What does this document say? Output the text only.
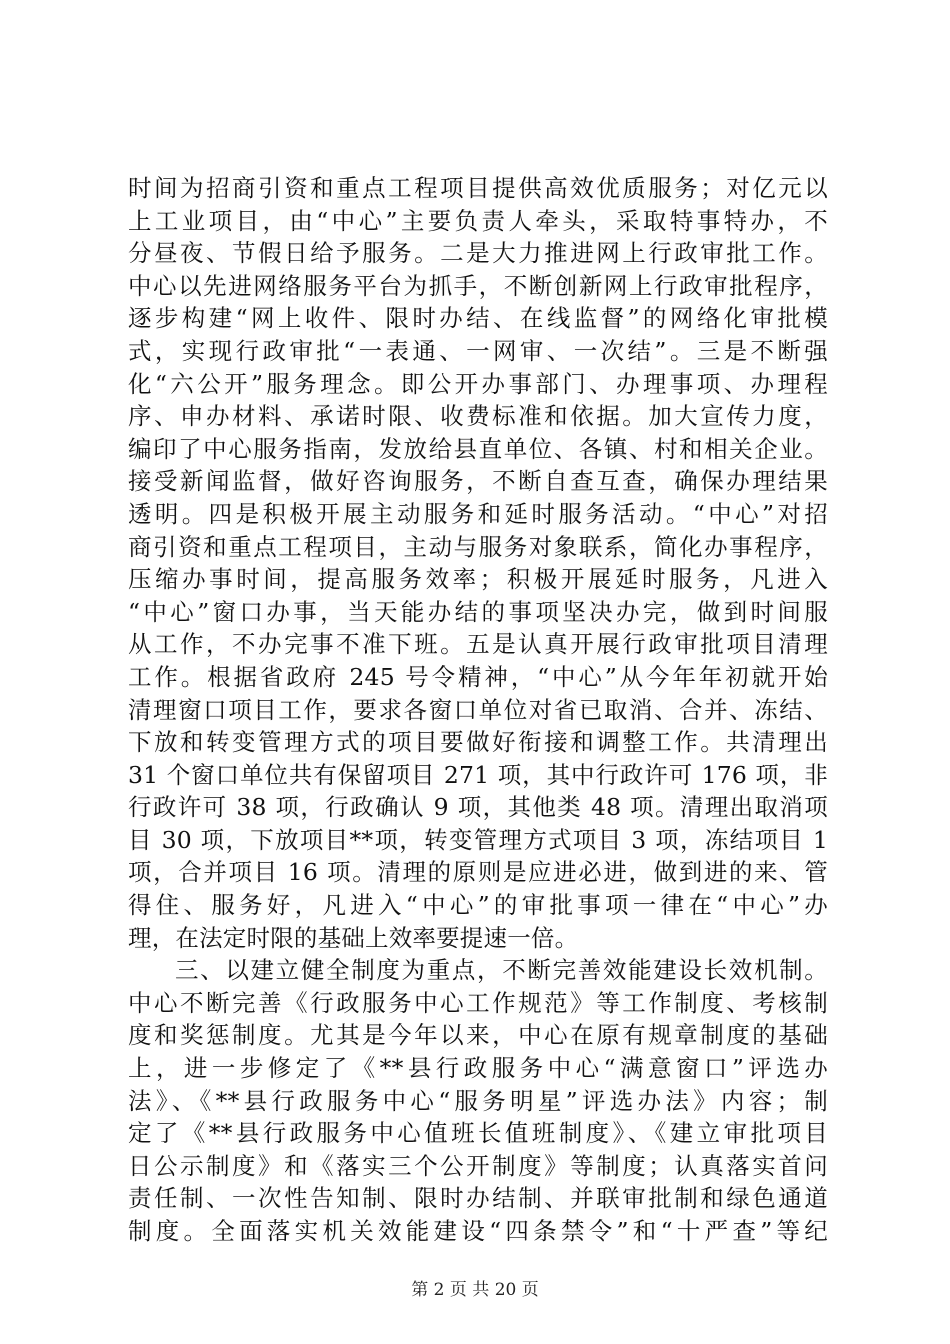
时间为招商引资和重点工程项目提供高效优质服务；对亿元以
上工业项目，由“中心”主要负责人牵头，采取特事特办，不
分昼夜、节假日给予服务。二是大力推进网上行政审批工作。
中心以先进网络服务平台为抓手，不断创新网上行政审批程序，
逐步构建“网上收件、限时办结、在线监督”的网络化审批模
式，实现行政审批“一表通、一网审、一次结”。三是不断强
化“六公开”服务理念。即公开办事部门、办理事项、办理程
序、申办材料、承诺时限、收费标准和依据。加大宣传力度，
编印了中心服务指南，发放给县直单位、各镇、村和相关企业。
接受新闻监督，做好咨询服务，不断自查互查，确保办理结果
透明。四是积极开展主动服务和延时服务活动。“中心”对招
商引资和重点工程项目，主动与服务对象联系，简化办事程序，
压缩办事时间，提高服务效率；积极开展延时服务，凡进入
“中心”窗口办事，当天能办结的事项坚决办完，做到时间服
从工作，不办完事不准下班。五是认真开展行政审批项目清理
工作。根据省政府 245 号令精神，“中心”从今年年初就开始
清理窗口项目工作，要求各窗口单位对省已取消、合并、冻结、
下放和转变管理方式的项目要做好衔接和调整工作。共清理出
31 个窗口单位共有保留项目 271 项，其中行政许可 176 项，非
行政许可 38 项，行政确认 9 项，其他类 48 项。清理出取消项
目 30 项，下放项目**项，转变管理方式项目 3 项，冻结项目 1
项，合并项目 16 项。清理的原则是应进必进，做到进的来、管
得住、服务好，凡进入“中心”的审批事项一律在“中心”办
理，在法定时限的基础上效率要提速一倍。
三、以建立健全制度为重点，不断完善效能建设长效机制。
中心不断完善《行政服务中心工作规范》等工作制度、考核制
度和奖惩制度。尤其是今年以来，中心在原有规章制度的基础
上，进一步修定了《**县行政服务中心“满意窗口”评选办
法》、《**县行政服务中心“服务明星”评选办法》内容；制
定了《**县行政服务中心值班长值班制度》、《建立审批项目
日公示制度》和《落实三个公开制度》等制度；认真落实首问
责任制、一次性告知制、限时办结制、并联审批制和绿色通道
制度。全面落实机关效能建设“四条禁令”和“十严查”等纪
第 2 页 共 20 页
